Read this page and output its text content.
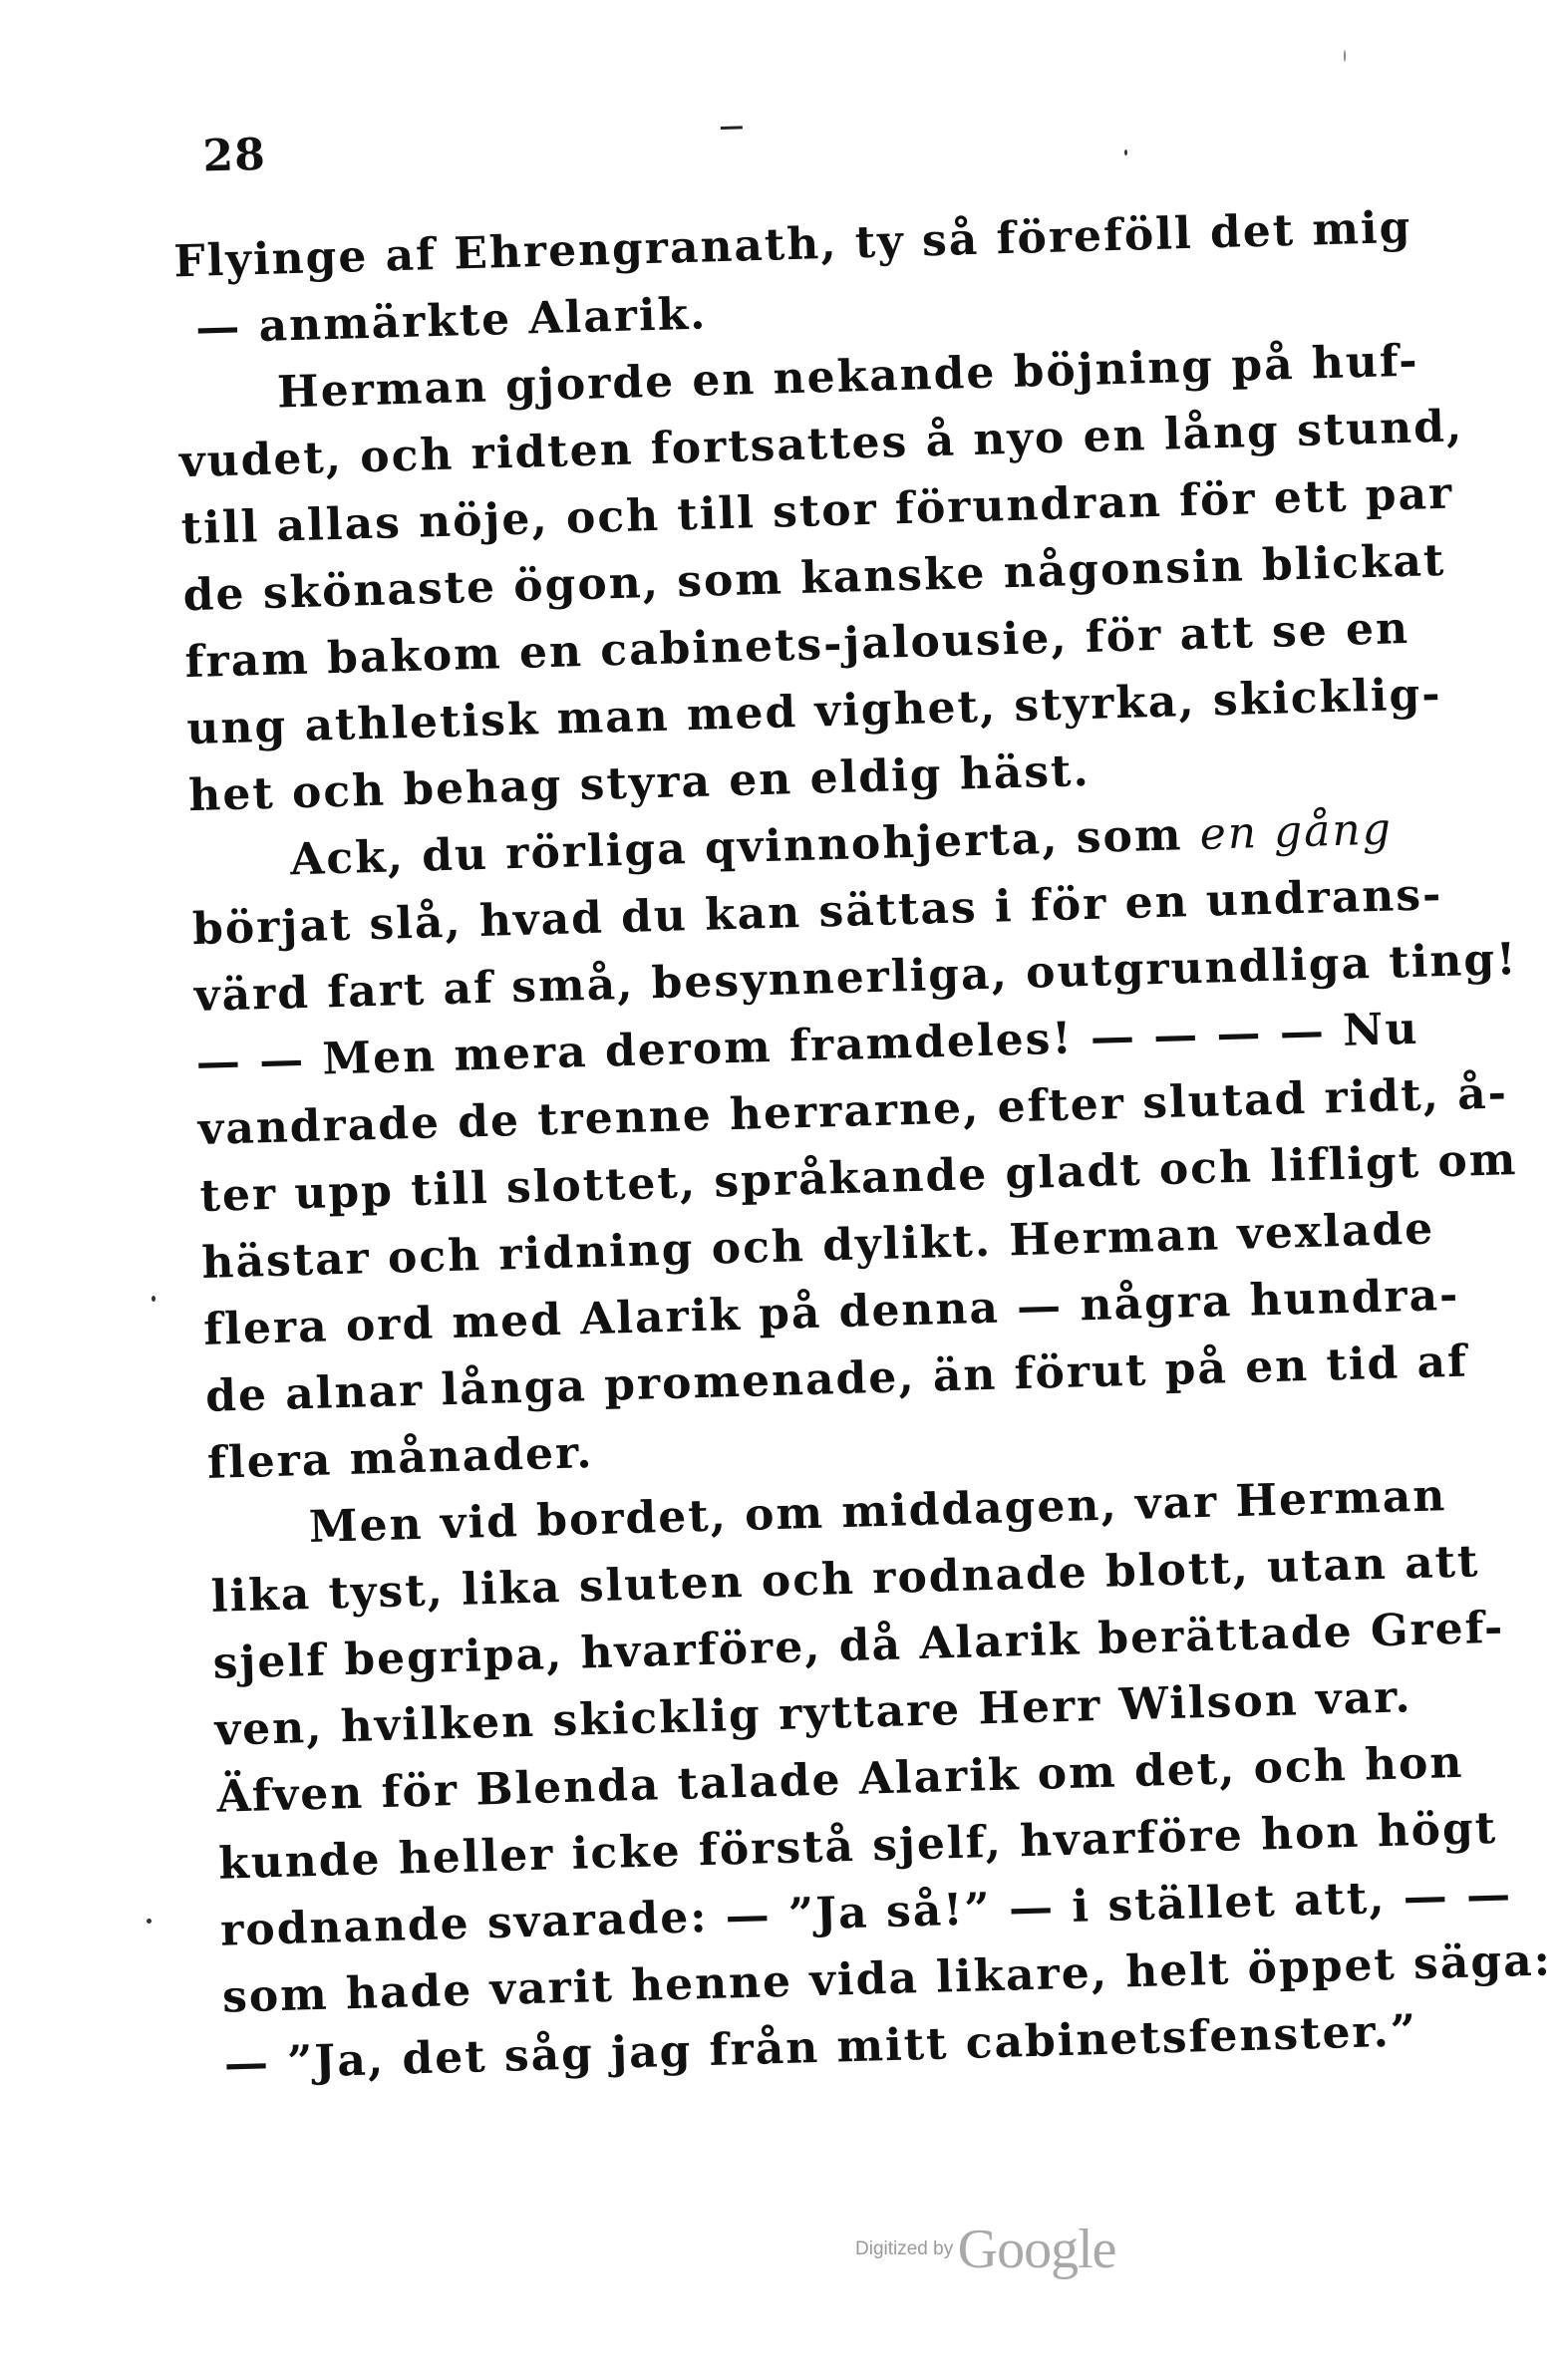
28
Flyinge af Ehrengranath, ty så föreföll det mig
— anmärkte Alarik.
Herman gjorde en nekande böjning på huf-
vudet, och ridten fortsattes å nyo en lång stund,
till allas nöje, och till stor förundran för ett par
de skönaste ögon, som kanske någonsin blickat
fram bakom en cabinets-jalousie, för att se en
ung athletisk man med vighet, styrka, skicklig-
het och behag styra en eldig häst.
Ack, du rörliga qvinnohjerta, som en gång
börjat slå, hvad du kan sättas i för en undrans-
värd fart af små, besynnerliga, outgrundliga ting!
— — Men mera derom framdeles! — — — — Nu
vandrade de trenne herrarne, efter slutad ridt, å-
ter upp till slottet, språkande gladt och lifligt om
hästar och ridning och dylikt. Herman vexlade
flera ord med Alarik på denna — några hundra-
de alnar långa promenade, än förut på en tid af
flera månader.
Men vid bordet, om middagen, var Herman
lika tyst, lika sluten och rodnade blott, utan att
sjelf begripa, hvarföre, då Alarik berättade Gref-
ven, hvilken skicklig ryttare Herr Wilson var.
Äfven för Blenda talade Alarik om det, och hon
kunde heller icke förstå sjelf, hvarföre hon högt
rodnande svarade: — ”Ja så!” — i stället att, — —
som hade varit henne vida likare, helt öppet säga:
— ”Ja, det såg jag från mitt cabinetsfenster.”
Digitized by Google
